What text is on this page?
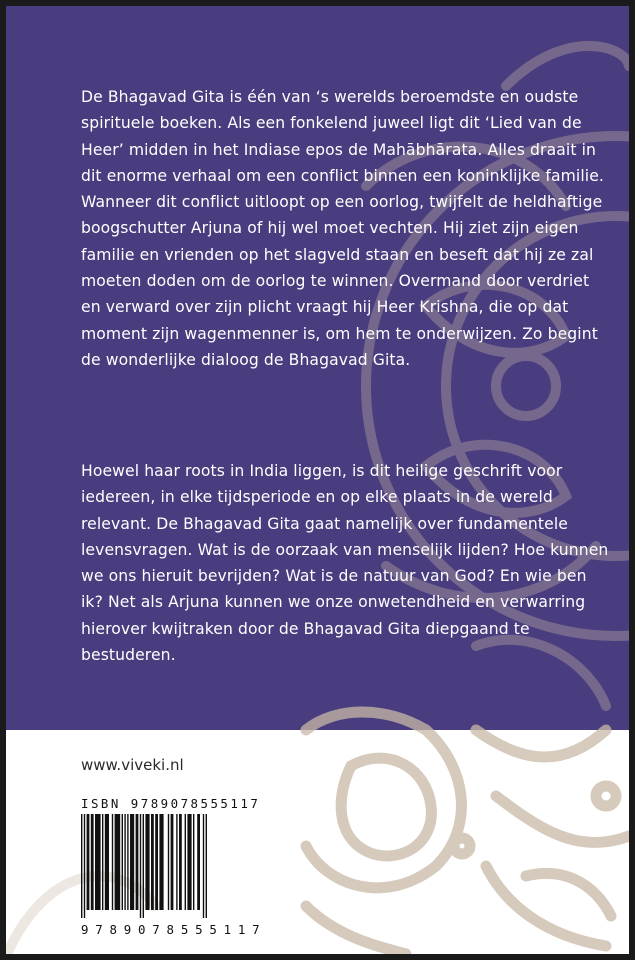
De Bhagavad Gita is één van ‘s werelds beroemdste en oudste spirituele boeken. Als een fonkelend juweel ligt dit ‘Lied van de Heer’ midden in het Indiase epos de Mahābhārata. Alles draait in dit enorme verhaal om een conflict binnen een koninklijke familie. Wanneer dit conflict uitloopt op een oorlog, twijfelt de heldhaftige boogschutter Arjuna of hij wel moet vechten. Hij ziet zijn eigen familie en vrienden op het slagveld staan en beseft dat hij ze zal moeten doden om de oorlog te winnen. Overmand door verdriet en verward over zijn plicht vraagt hij Heer Krishna, die op dat moment zijn wagenmenner is, om hem te onderwijzen. Zo begint de wonderlijke dialoog de Bhagavad Gita.

Hoewel haar roots in India liggen, is dit heilige geschrift voor iedereen, in elke tijdsperiode en op elke plaats in de wereld relevant. De Bhagavad Gita gaat namelijk over fundamentele levensvragen. Wat is de oorzaak van menselijk lijden? Hoe kunnen we ons hieruit bevrijden? Wat is de natuur van God? En wie ben ik? Net als Arjuna kunnen we onze onwetendheid en verwarring hierover kwijtraken door de Bhagavad Gita diepgaand te bestuderen.

www.viveki.nl
ISBN 9789078555117
9789078555117
